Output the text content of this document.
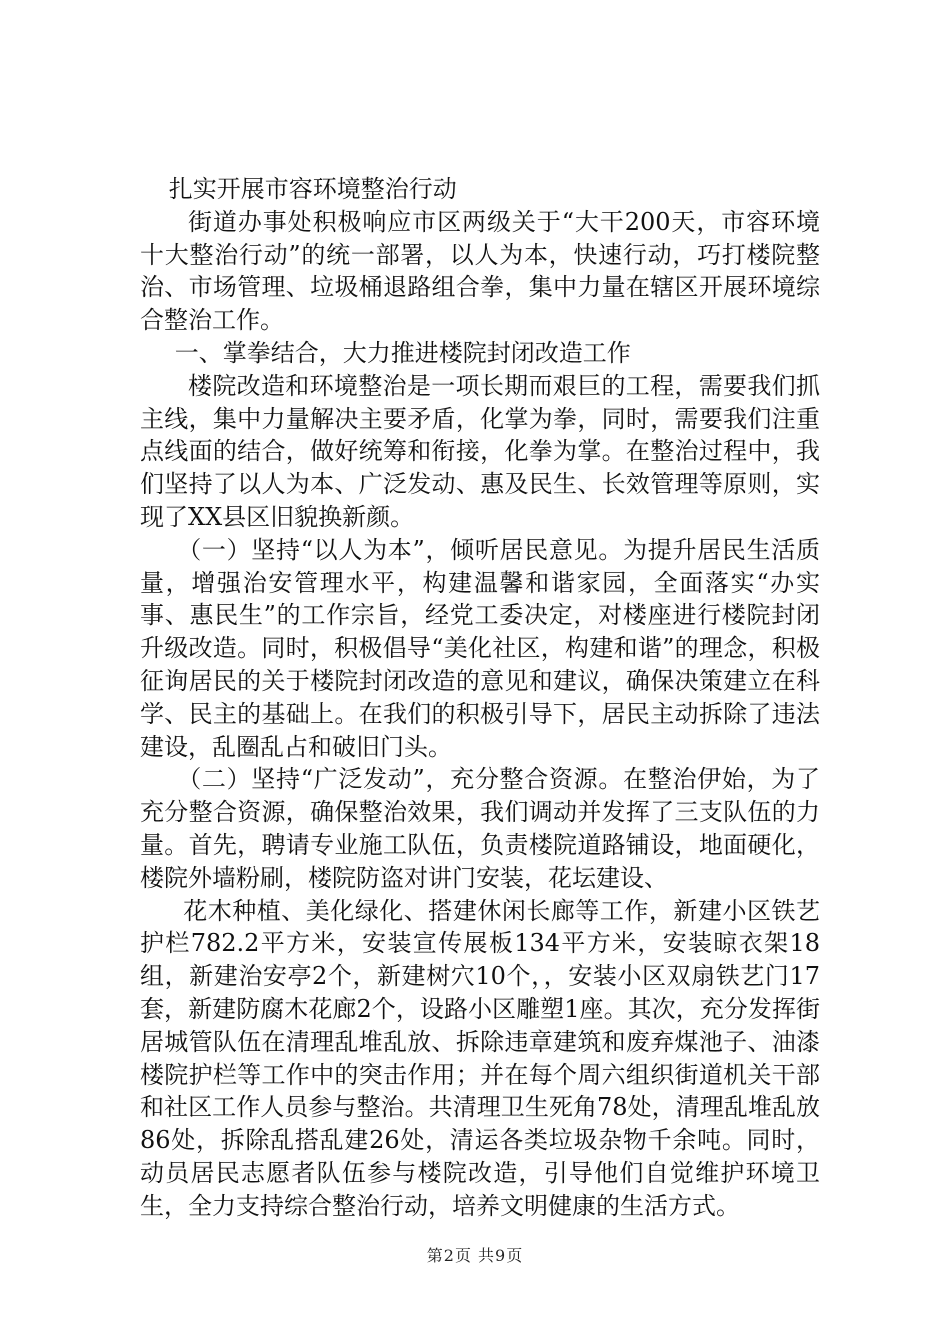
扎实开展市容环境整治行动

街道办事处积极响应市区两级关于“大干200天，市容环境十大整治行动”的统一部署，以人为本，快速行动，巧打楼院整治、市场管理、垃圾桶退路组合拳，集中力量在辖区开展环境综合整治工作。

一、掌拳结合，大力推进楼院封闭改造工作

楼院改造和环境整治是一项长期而艰巨的工程，需要我们抓主线，集中力量解决主要矛盾，化掌为拳，同时，需要我们注重点线面的结合，做好统筹和衔接，化拳为掌。在整治过程中，我们坚持了以人为本、广泛发动、惠及民生、长效管理等原则，实现了XX县区旧貌换新颜。

（一）坚持“以人为本”，倾听居民意见。为提升居民生活质量，增强治安管理水平，构建温馨和谐家园，全面落实“办实事、惠民生”的工作宗旨，经党工委决定，对楼座进行楼院封闭升级改造。同时，积极倡导“美化社区，构建和谐”的理念，积极征询居民的关于楼院封闭改造的意见和建议，确保决策建立在科学、民主的基础上。在我们的积极引导下，居民主动拆除了违法建设，乱圈乱占和破旧门头。

（二）坚持“广泛发动”，充分整合资源。在整治伊始，为了充分整合资源，确保整治效果，我们调动并发挥了三支队伍的力量。首先，聘请专业施工队伍，负责楼院道路铺设，地面硬化，楼院外墙粉刷，楼院防盗对讲门安装，花坛建设、

花木种植、美化绿化、搭建休闲长廊等工作，新建小区铁艺护栏782.2平方米，安装宣传展板134平方米，安装晾衣架18组，新建治安亭2个，新建树穴10个，，安装小区双扇铁艺门17套，新建防腐木花廊2个，设路小区雕塑1座。其次，充分发挥街居城管队伍在清理乱堆乱放、拆除违章建筑和废弃煤池子、油漆楼院护栏等工作中的突击作用；并在每个周六组织街道机关干部和社区工作人员参与整治。共清理卫生死角78处，清理乱堆乱放86处，拆除乱搭乱建26处，清运各类垃圾杂物千余吨。同时，动员居民志愿者队伍参与楼院改造，引导他们自觉维护环境卫生，全力支持综合整治行动，培养文明健康的生活方式。

第2页 共9页
